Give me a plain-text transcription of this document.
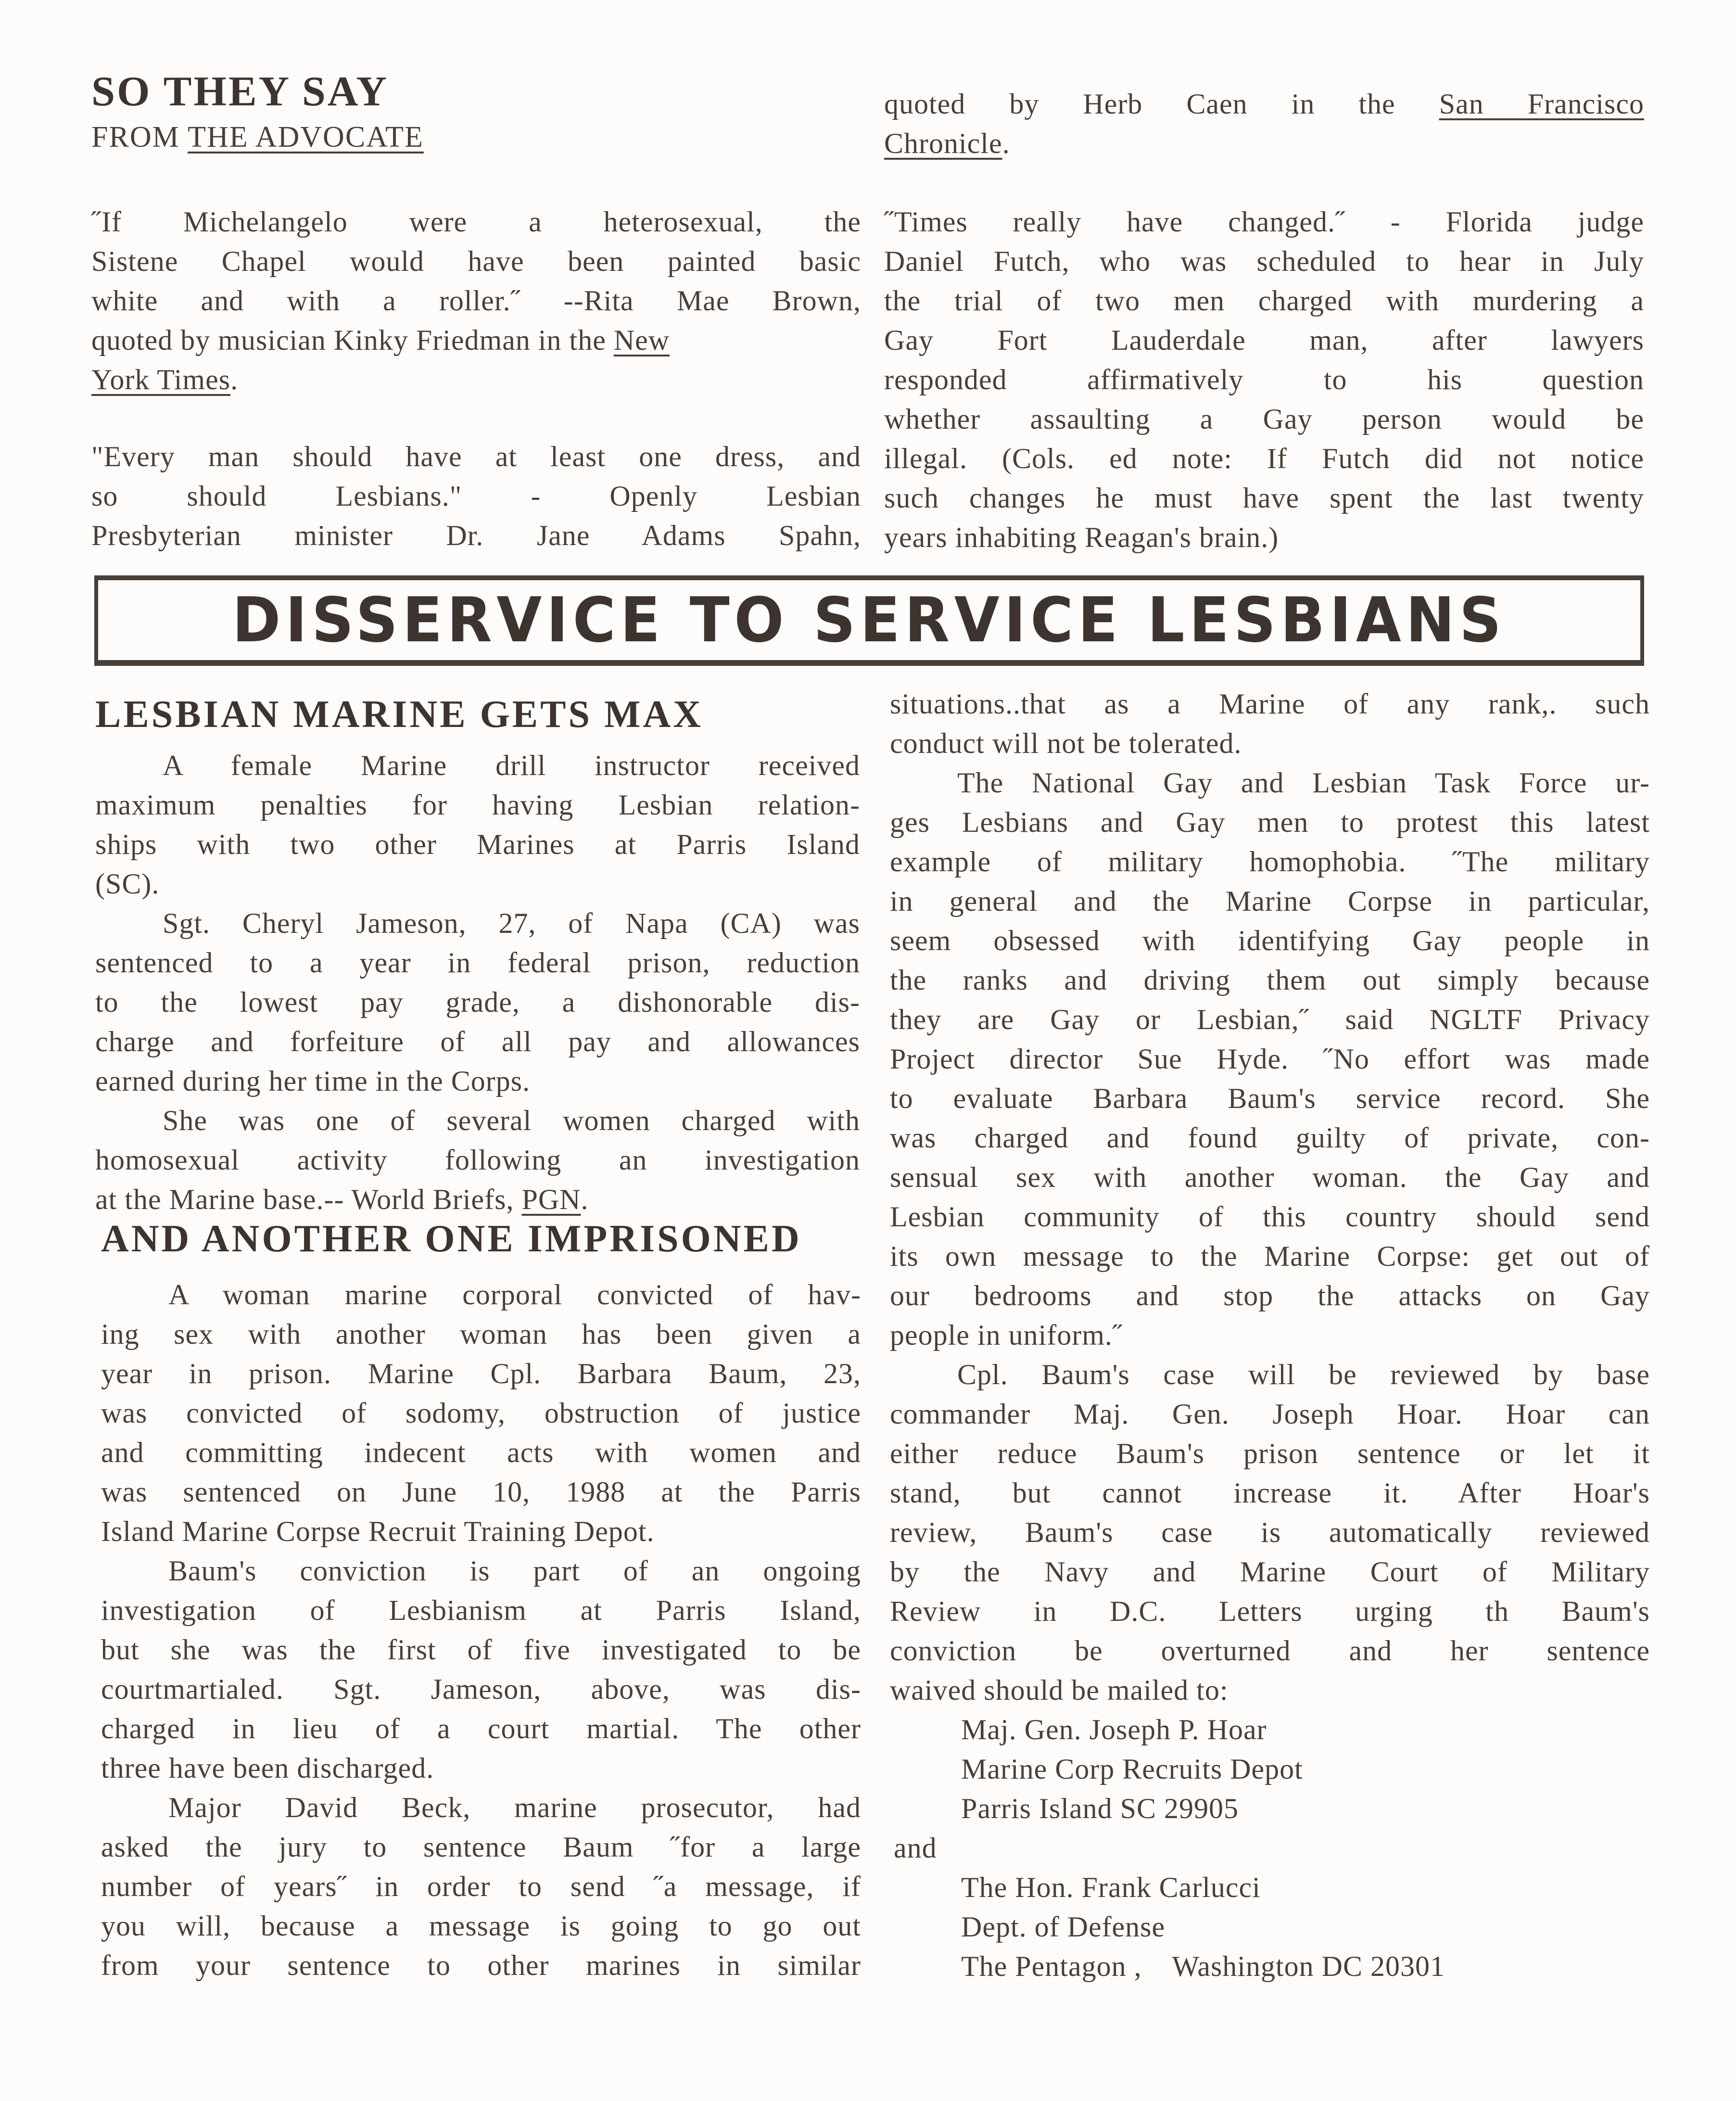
SO THEY SAY
FROM THE ADVOCATE
˝If Michelangelo were a heterosexual, the
Sistene Chapel would have been painted basic
white and with a roller.˝ --Rita Mae Brown,
quoted by musician Kinky Friedman in the New
York Times.
"Every man should have at least one dress, and
so should Lesbians." - Openly Lesbian
Presbyterian minister Dr. Jane Adams Spahn,
quoted by Herb Caen in the San Francisco
Chronicle.
˝Times really have changed.˝ - Florida judge
Daniel Futch, who was scheduled to hear in July
the trial of two men charged with murdering a
Gay Fort Lauderdale man, after lawyers
responded affirmatively to his question
whether assaulting a Gay person would be
illegal. (Cols. ed note: If Futch did not notice
such changes he must have spent the last twenty
years inhabiting Reagan's brain.)
DISSERVICE TO SERVICE LESBIANS
LESBIAN MARINE GETS MAX
A female Marine drill instructor received
maximum penalties for having Lesbian relation-
ships with two other Marines at Parris Island
(SC).
Sgt. Cheryl Jameson, 27, of Napa (CA) was
sentenced to a year in federal prison, reduction
to the lowest pay grade, a dishonorable dis-
charge and forfeiture of all pay and allowances
earned during her time in the Corps.
She was one of several women charged with
homosexual activity following an investigation
at the Marine base.-- World Briefs, PGN.
AND ANOTHER ONE IMPRISONED
A woman marine corporal convicted of hav-
ing sex with another woman has been given a
year in prison. Marine Cpl. Barbara Baum, 23,
was convicted of sodomy, obstruction of justice
and committing indecent acts with women and
was sentenced on June 10, 1988 at the Parris
Island Marine Corpse Recruit Training Depot.
Baum's conviction is part of an ongoing
investigation of Lesbianism at Parris Island,
but she was the first of five investigated to be
courtmartialed. Sgt. Jameson, above, was dis-
charged in lieu of a court martial. The other
three have been discharged.
Major David Beck, marine prosecutor, had
asked the jury to sentence Baum ˝for a large
number of years˝ in order to send ˝a message, if
you will, because a message is going to go out
from your sentence to other marines in similar
situations..that as a Marine of any rank,. such
conduct will not be tolerated.
The National Gay and Lesbian Task Force ur-
ges Lesbians and Gay men to protest this latest
example of military homophobia. ˝The military
in general and the Marine Corpse in particular,
seem obsessed with identifying Gay people in
the ranks and driving them out simply because
they are Gay or Lesbian,˝ said NGLTF Privacy
Project director Sue Hyde. ˝No effort was made
to evaluate Barbara Baum's service record. She
was charged and found guilty of private, con-
sensual sex with another woman. the Gay and
Lesbian community of this country should send
its own message to the Marine Corpse: get out of
our bedrooms and stop the attacks on Gay
people in uniform.˝
Cpl. Baum's case will be reviewed by base
commander Maj. Gen. Joseph Hoar. Hoar can
either reduce Baum's prison sentence or let it
stand, but cannot increase it. After Hoar's
review, Baum's case is automatically reviewed
by the Navy and Marine Court of Military
Review in D.C. Letters urging th Baum's
conviction be overturned and her sentence
waived should be mailed to:
Maj. Gen. Joseph P. Hoar
Marine Corp Recruits Depot
Parris Island SC 29905
and
The Hon. Frank Carlucci
Dept. of Defense
The Pentagon ,    Washington DC 20301
